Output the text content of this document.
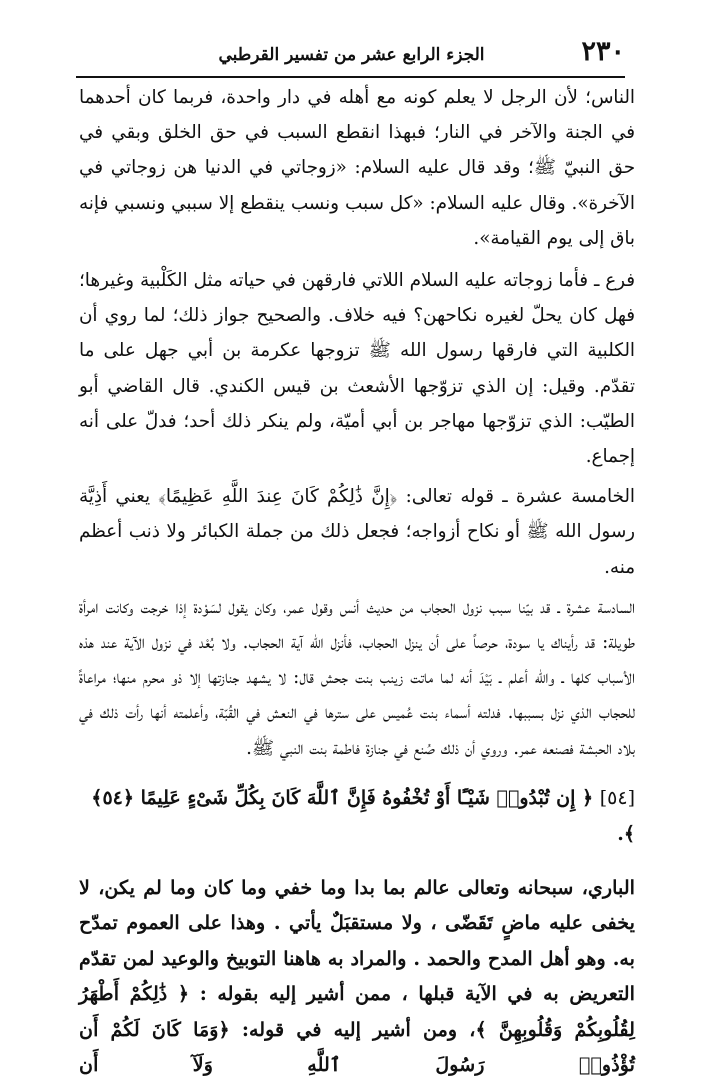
٢٣٠
الجزء الرابع عشر من تفسير القرطبي

الناس؛ لأن الرجل لا يعلم كونه مع أهله في دار واحدة، فربما كان أحدهما في الجنة والآخر في النار؛ فبهذا انقطع السبب في حق الخلق وبقي في حق النبيّ ﷺ؛ وقد قال عليه السلام: «زوجاتي في الدنيا هن زوجاتي في الآخرة». وقال عليه السلام: «كل سبب ونسب ينقطع إلا سببي ونسبي فإنه باق إلى يوم القيامة».

فرع ـ فأما زوجاته عليه السلام اللاتي فارقهن في حياته مثل الكَلْبية وغيرها؛ فهل كان يحلّ لغيره نكاحهن؟ فيه خلاف. والصحيح جواز ذلك؛ لما روي أن الكلبية التي فارقها رسول الله ﷺ تزوجها عكرمة بن أبي جهل على ما تقدّم. وقيل: إن الذي تزوّجها الأشعث بن قيس الكندي. قال القاضي أبو الطيّب: الذي تزوّجها مهاجر بن أبي أميّة، ولم ينكر ذلك أحد؛ فدلّ على أنه إجماع.

الخامسة عشرة ـ قوله تعالى: ﴿إِنَّ ذَٰلِكُمْ كَانَ عِندَ اللَّهِ عَظِيمًا﴾ يعني أَذِيَّة رسول الله ﷺ أو نكاح أزواجه؛ فجعل ذلك من جملة الكبائر ولا ذنب أعظم منه.

السادسة عشرة ـ قد بيّنا سبب نزول الحجاب من حديث أنس وقول عمر، وكان يقول لسَوْدة إذا خرجت وكانت امرأة طويلة: قد رأيناك يا سودة، حرصاً على أن ينزل الحجاب، فأنزل الله آية الحجاب. ولا بُعْد في نزول الآية عند هذه الأسباب كلها ـ والله أعلم ـ بَيْدَ أنه لما ماتت زينب بنت جحش قال: لا يشهد جنازتها إلا ذو محرم منها؛ مراعاةً للحجاب الذي نزل بسببها. فدلته أسماء بنت عُميس على سترها في النعش في القُبّة، وأعلمته أنها رأت ذلك في بلاد الحبشة فصنعه عمر. وروي أن ذلك صُنع في جنازة فاطمة بنت النبي ﷺ.

[٥٤] ﴿ إِن تُبْدُوا۟ شَيْـًٔا أَوْ تُخْفُوهُ فَإِنَّ ٱللَّهَ كَانَ بِكُلِّ شَىْءٍ عَلِيمًا ﴿٥٤﴾ ﴾.

الباري، سبحانه وتعالى عالم بما بدا وما خفي وما كان وما لم يكن، لا يخفى عليه ماضٍ تَقَضّى ، ولا مستقبَلٌ يأتي . وهذا على العموم تمدّح به. وهو أهل المدح والحمد . والمراد به هاهنا التوبيخ والوعيد لمن تقدّم التعريض به في الآية قبلها ، ممن أشير إليه بقوله : ﴿ ذَٰلِكُمْ أَطْهَرُ لِقُلُوبِكُمْ وَقُلُوبِهِنَّ ﴾، ومن أشير إليه في قوله: ﴿وَمَا كَانَ لَكُمْ أَن تُؤْذُوا۟ رَسُولَ ٱللَّهِ وَلَآ أَن
